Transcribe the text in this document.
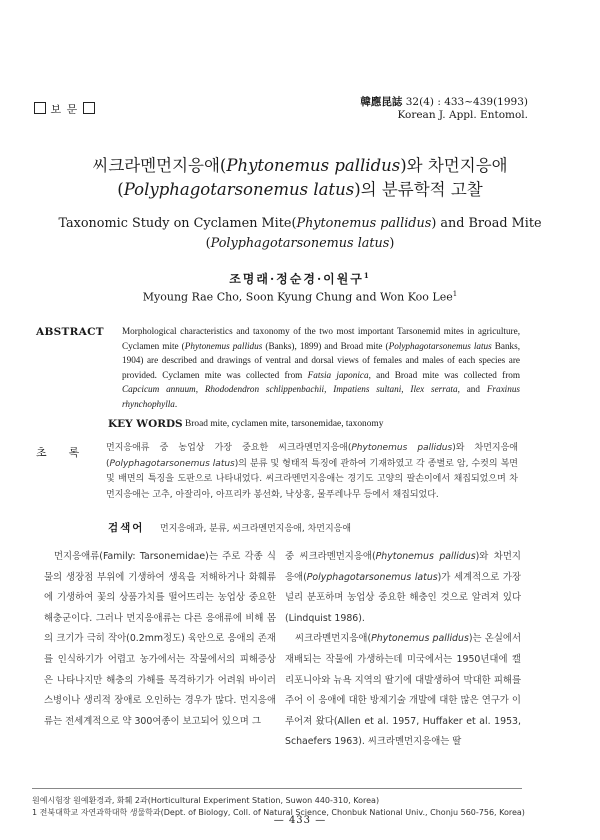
보 문
韓應昆誌 32(4) : 433~439(1993)
Korean J. Appl. Entomol.
씨크라멘먼지응애(Phytonemus pallidus)와 차먼지응애
(Polyphagotarsonemus latus)의 분류학적 고찰
Taxonomic Study on Cyclamen Mite(Phytonemus pallidus) and Broad Mite
(Polyphagotarsonemus latus)
조명래·정순경·이원구$^1$
Myoung Rae Cho, Soon Kyung Chung and Won Koo Lee$^1$
ABSTRACT Morphological characteristics and taxonomy of the two most important Tarsonemid mites in agriculture, Cyclamen mite (Phytonemus pallidus (Banks), 1899) and Broad mite (Polyphagotarsonemus latus Banks, 1904) are described and drawings of ventral and dorsal views of females and males of each species are provided. Cyclamen mite was collected from Fatsia japonica, and Broad mite was collected from Capcicum annuum, Rhododendron schlippenbachii, Impatiens sultani, Ilex serrata, and Fraxinus rhynchophylla.
KEY WORDS Broad mite, cyclamen mite, tarsonemidae, taxonomy
초록 먼지응애류 중 농업상 가장 중요한 씨크라멘먼지응애(Phytonemus pallidus)와 차먼지응애(Polyphagotarsonemus latus)의 분류 및 형태적 특징에 관하여 기재하였고 각 종별로 암, 수컷의 복면 및 배면의 특징을 도판으로 나타내었다. 씨크라멘먼지응애는 경기도 고양의 팔손이에서 채집되었으며 차먼지응애는 고추, 아잘리아, 아프리카 봉선화, 낙상홍, 물푸레나무 등에서 채집되었다.
검색어 먼지응애과, 분류, 씨크라멘먼지응애, 차먼지응애
먼지응애류(Family: Tarsonemidae)는 주로 각종 식물의 생장점 부위에 기생하여 생육을 저해하거나 화훼류에 기생하여 꽃의 상품가치를 떨어뜨리는 농업상 중요한 해충군이다. 그러나 먼지응애류는 다른 응애류에 비해 몸의 크기가 극히 작아(0.2mm정도) 육안으로 응애의 존재를 인식하기가 어렵고 농가에서는 작물에서의 피해증상은 나타나지만 해충의 가해를 목격하기가 어려워 바이러스병이나 생리적 장애로 오인하는 경우가 많다. 먼지응애류는 전세계적으로 약 300여종이 보고되어 있으며 그
중 씨크라멘먼지응애(Phytonemus pallidus)와 차먼지응애(Polyphagotarsonemus latus)가 세계적으로 가장 널리 분포하며 농업상 중요한 해충인 것으로 알려져 있다(Lindquist 1986).
씨크라멘먼지응애(Phytonemus pallidus)는 온실에서 재배되는 작물에 가생하는데 미국에서는 1950년대에 캘리포니아와 뉴욕 지역의 딸기에 대발생하여 막대한 피해를 주어 이 응애에 대한 방제기술 개발에 대한 많은 연구가 이루어져 왔다(Allen et al. 1957, Huffaker et al. 1953, Schaefers 1963). 씨크라멘먼지응애는 딸
원예시험장 원예환경과, 화훼 2과(Horticultural Experiment Station, Suwon 440-310, Korea)
1 전북대학교 자연과학대학 생물학과(Dept. of Biology, Coll. of Natural Science, Chonbuk National Univ., Chonju 560-756, Korea)
— 433 —
